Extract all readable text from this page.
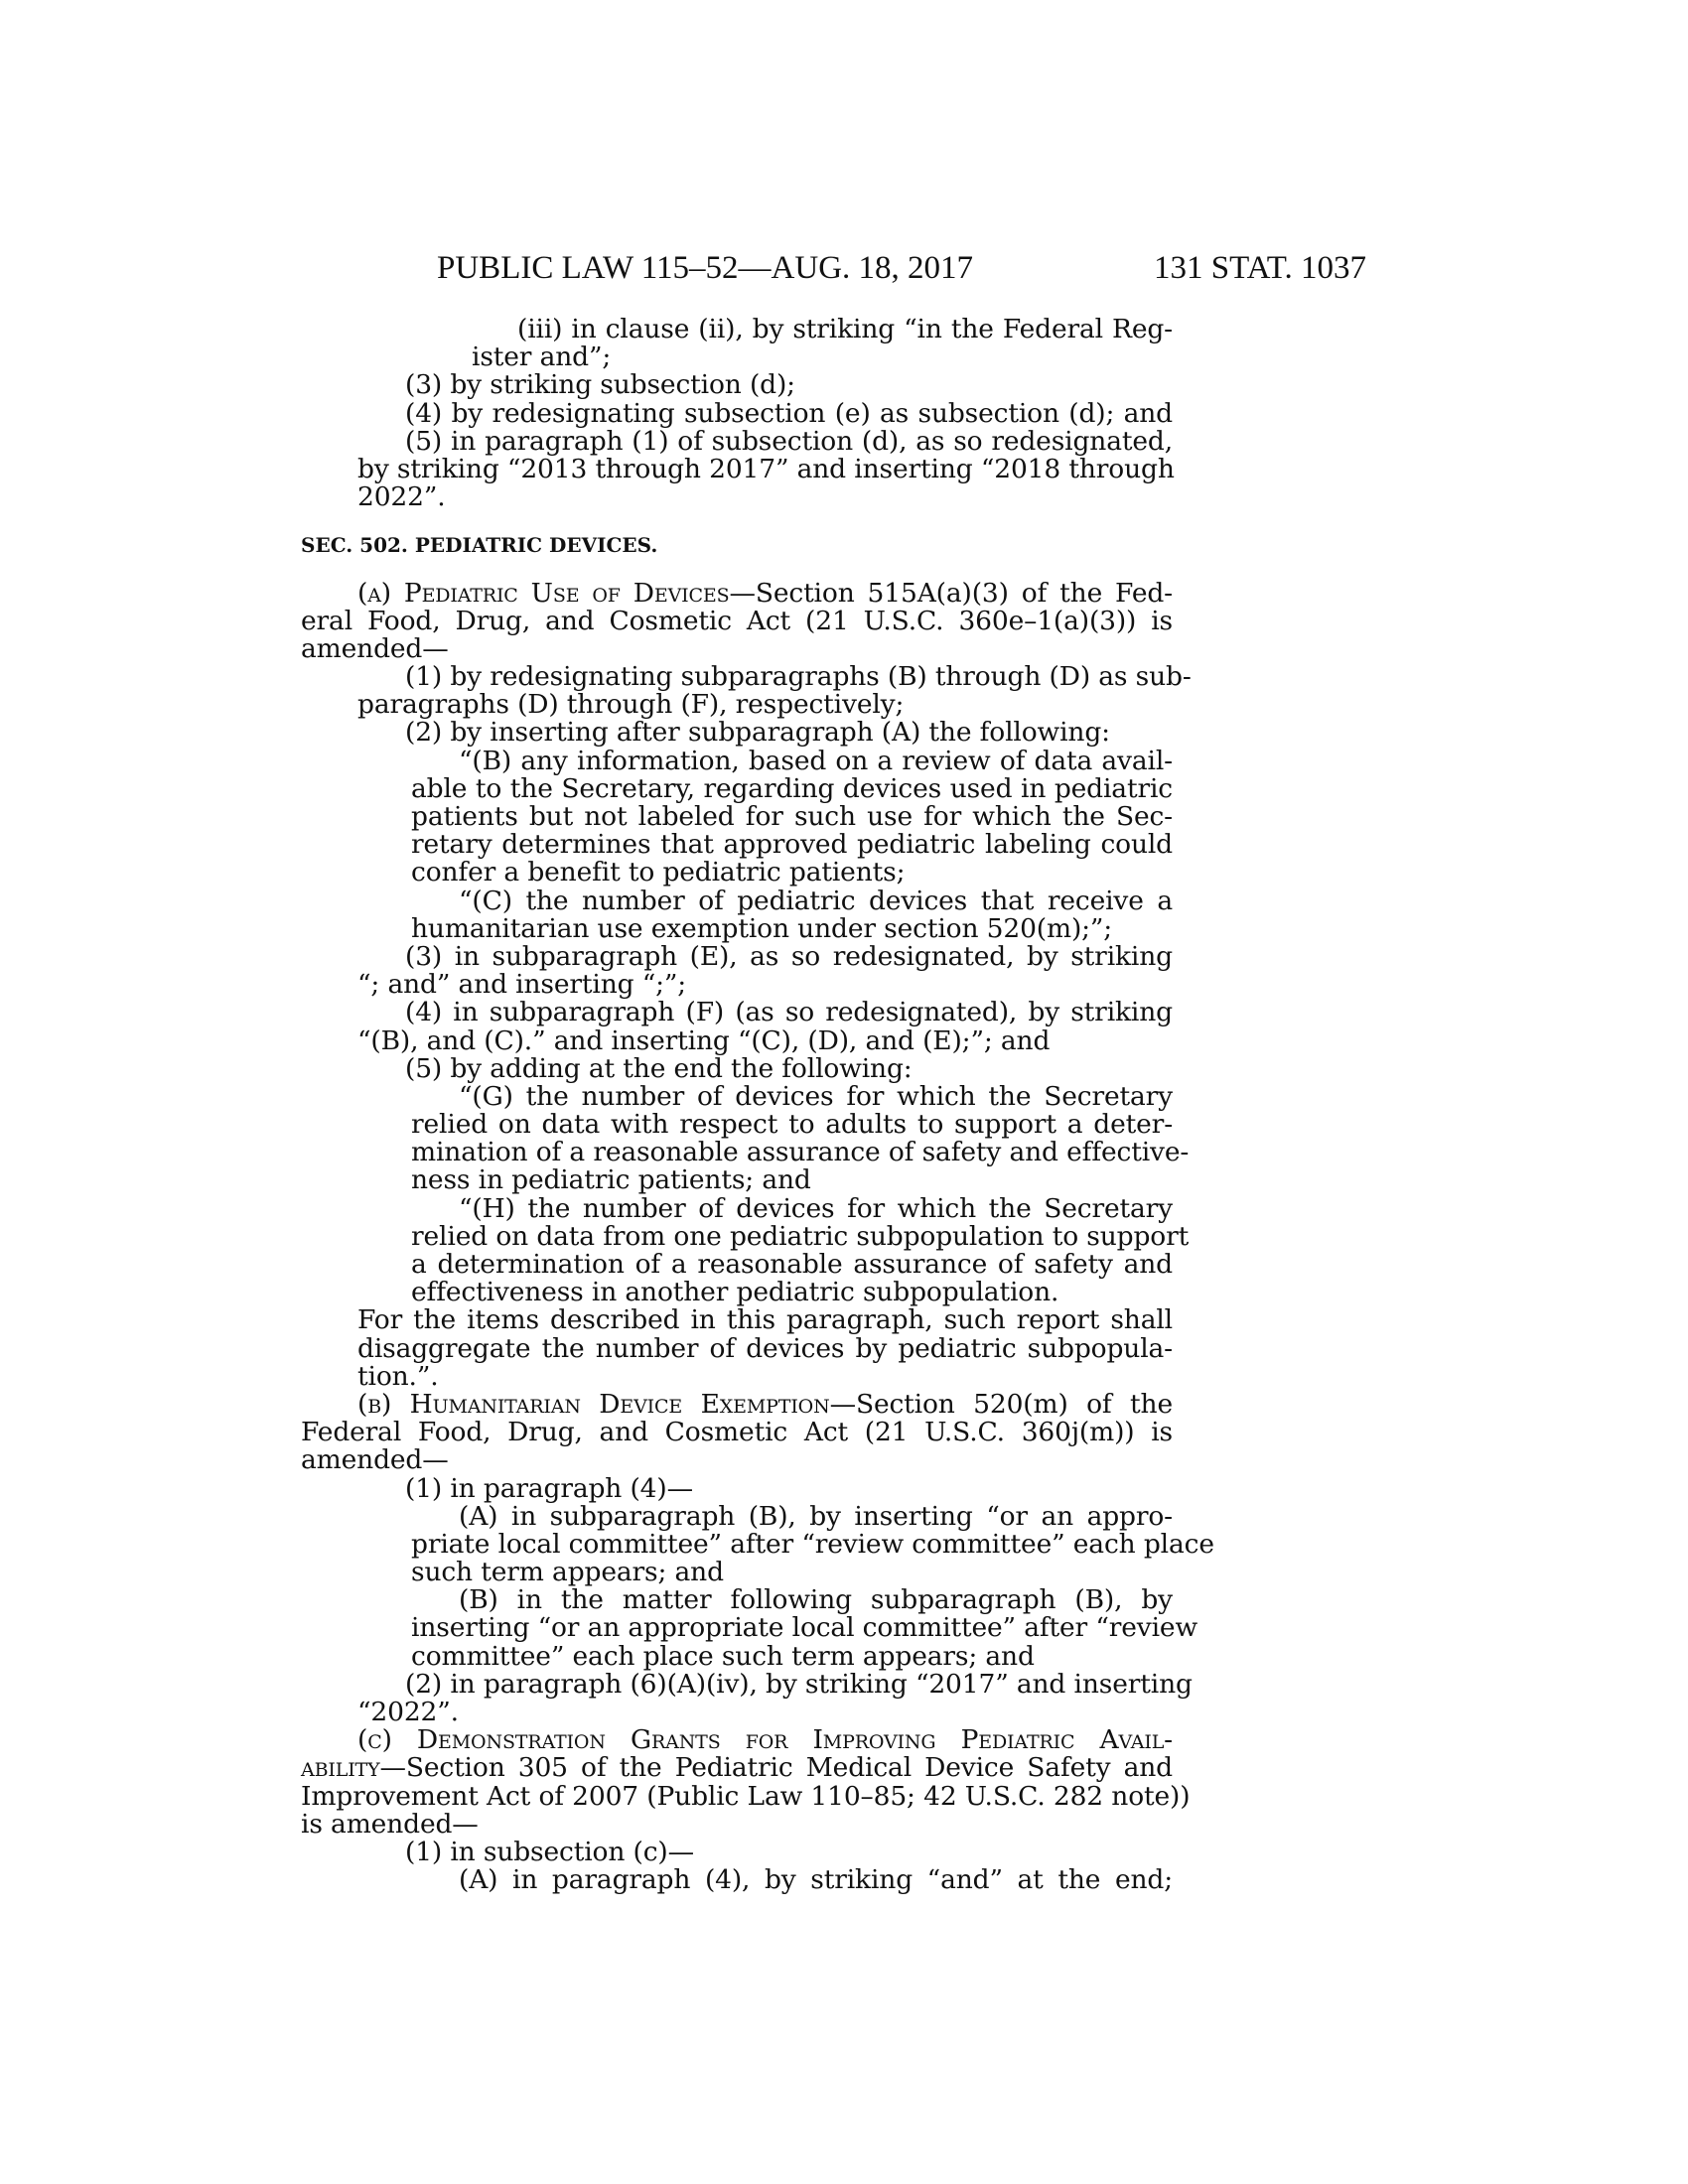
PUBLIC LAW 115–52—AUG. 18, 2017	131 STAT. 1037
(iii) in clause (ii), by striking “in the Federal Reg-
ister and”;
(3) by striking subsection (d);
(4) by redesignating subsection (e) as subsection (d); and
(5) in paragraph (1) of subsection (d), as so redesignated,
by striking “2013 through 2017” and inserting “2018 through
2022”.
SEC. 502. PEDIATRIC DEVICES.
(a) Pediatric Use of Devices—Section 515A(a)(3) of the Fed-
eral Food, Drug, and Cosmetic Act (21 U.S.C. 360e–1(a)(3)) is
amended—
(1) by redesignating subparagraphs (B) through (D) as sub-
paragraphs (D) through (F), respectively;
(2) by inserting after subparagraph (A) the following:
“(B) any information, based on a review of data avail-
able to the Secretary, regarding devices used in pediatric
patients but not labeled for such use for which the Sec-
retary determines that approved pediatric labeling could
confer a benefit to pediatric patients;
“(C) the number of pediatric devices that receive a
humanitarian use exemption under section 520(m);”;
(3) in subparagraph (E), as so redesignated, by striking
“; and” and inserting “;”;
(4) in subparagraph (F) (as so redesignated), by striking
“(B), and (C).” and inserting “(C), (D), and (E);”; and
(5) by adding at the end the following:
“(G) the number of devices for which the Secretary
relied on data with respect to adults to support a deter-
mination of a reasonable assurance of safety and effective-
ness in pediatric patients; and
“(H) the number of devices for which the Secretary
relied on data from one pediatric subpopulation to support
a determination of a reasonable assurance of safety and
effectiveness in another pediatric subpopulation.
For the items described in this paragraph, such report shall
disaggregate the number of devices by pediatric subpopula-
tion.”.
(b) Humanitarian Device Exemption—Section 520(m) of the
Federal Food, Drug, and Cosmetic Act (21 U.S.C. 360j(m)) is
amended—
(1) in paragraph (4)—
(A) in subparagraph (B), by inserting “or an appro-
priate local committee” after “review committee” each place
such term appears; and
(B) in the matter following subparagraph (B), by
inserting “or an appropriate local committee” after “review
committee” each place such term appears; and
(2) in paragraph (6)(A)(iv), by striking “2017” and inserting
“2022”.
(c) Demonstration Grants for Improving Pediatric Avail-
ability—Section 305 of the Pediatric Medical Device Safety and
Improvement Act of 2007 (Public Law 110–85; 42 U.S.C. 282 note))
is amended—
(1) in subsection (c)—
(A) in paragraph (4), by striking “and” at the end;
